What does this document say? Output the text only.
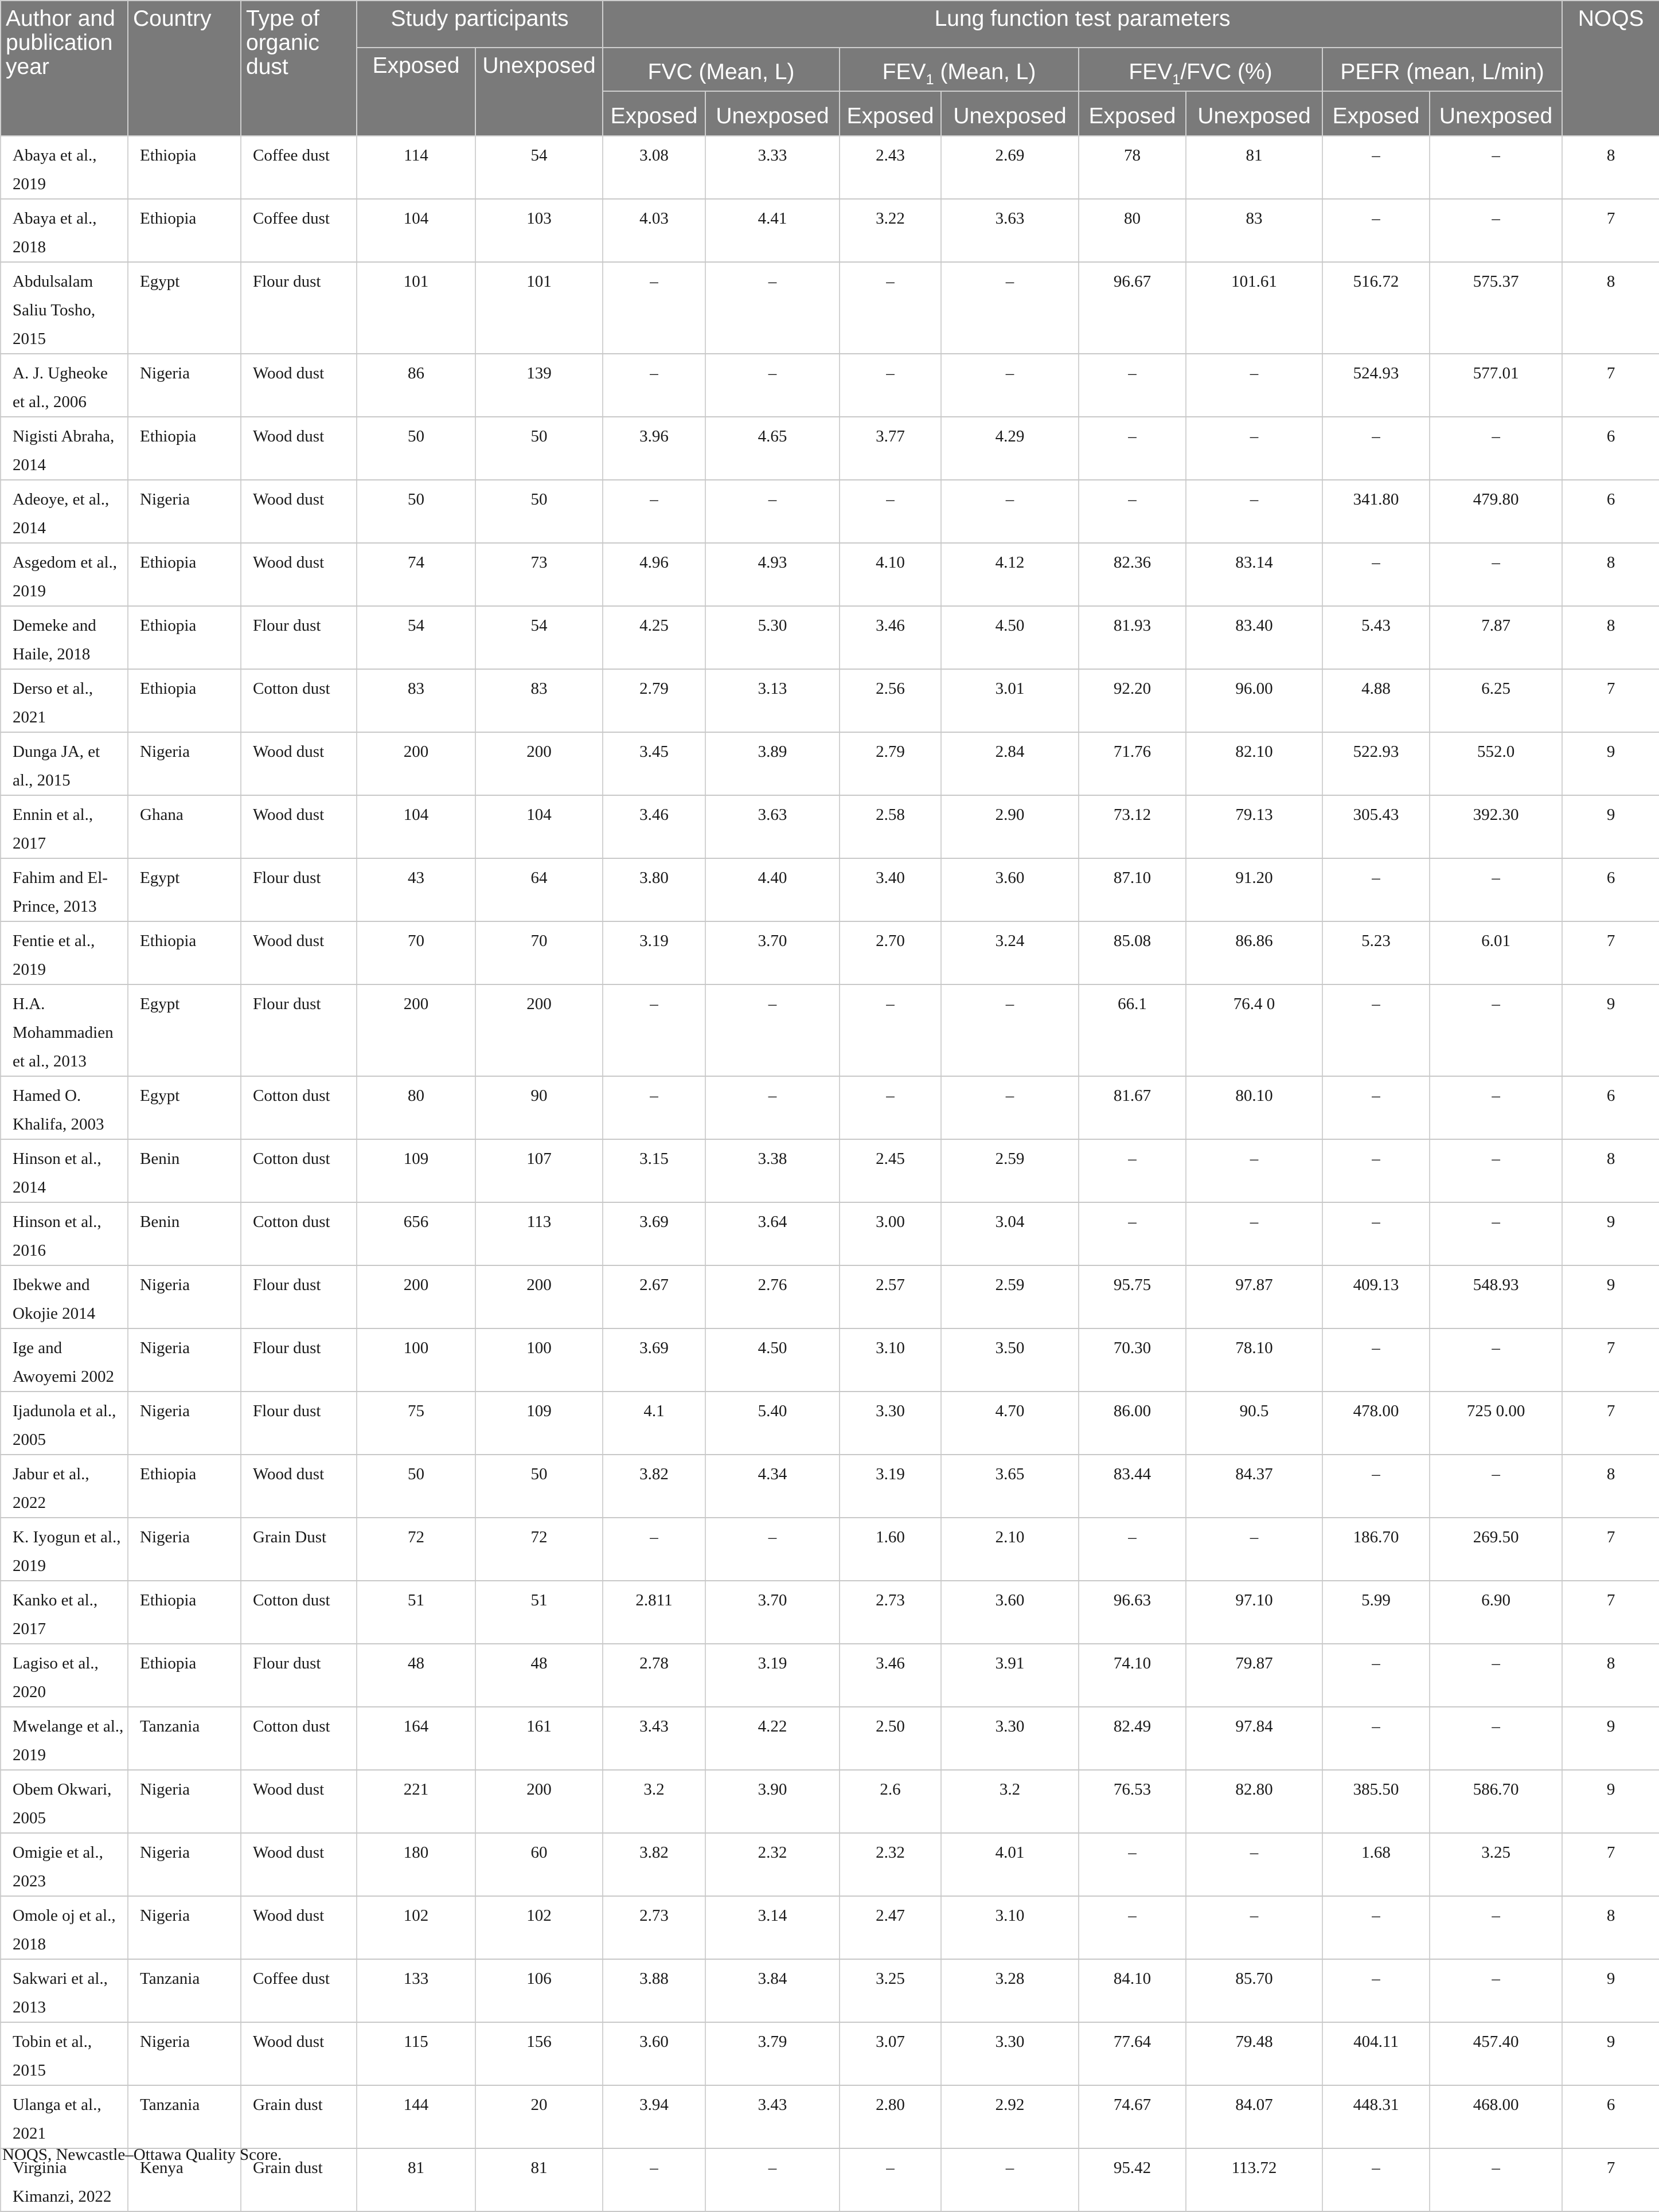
Author and publication year	Country	Type of organic dust	Study participants		Lung function test parameters								NOQS
			Exposed	Unexposed	FVC (Mean, L)		$FEV_1$ (Mean, L)		$FEV_1$/FVC (%)		PEFR (mean, L/min)		
					Exposed	Unexposed	Exposed	Unexposed	Exposed	Unexposed	Exposed	Unexposed	
Abaya et al., 2019	Ethiopia	Coffee dust	114	54	3.08	3.33	2.43	2.69	78	81	–	–	8
Abaya et al., 2018	Ethiopia	Coffee dust	104	103	4.03	4.41	3.22	3.63	80	83	–	–	7
Abdulsalam Saliu Tosho, 2015	Egypt	Flour dust	101	101	–	–	–	–	96.67	101.61	516.72	575.37	8
A. J. Ugheoke et al., 2006	Nigeria	Wood dust	86	139	–	–	–	–	–	–	524.93	577.01	7
Nigisti Abraha, 2014	Ethiopia	Wood dust	50	50	3.96	4.65	3.77	4.29	–	–	–	–	6
Adeoye, et al., 2014	Nigeria	Wood dust	50	50	–	–	–	–	–	–	341.80	479.80	6
Asgedom et al., 2019	Ethiopia	Wood dust	74	73	4.96	4.93	4.10	4.12	82.36	83.14	–	–	8
Demeke and Haile, 2018	Ethiopia	Flour dust	54	54	4.25	5.30	3.46	4.50	81.93	83.40	5.43	7.87	8
Derso et al., 2021	Ethiopia	Cotton dust	83	83	2.79	3.13	2.56	3.01	92.20	96.00	4.88	6.25	7
Dunga JA, et al., 2015	Nigeria	Wood dust	200	200	3.45	3.89	2.79	2.84	71.76	82.10	522.93	552.0	9
Ennin et al., 2017	Ghana	Wood dust	104	104	3.46	3.63	2.58	2.90	73.12	79.13	305.43	392.30	9
Fahim and El-Prince, 2013	Egypt	Flour dust	43	64	3.80	4.40	3.40	3.60	87.10	91.20	–	–	6
Fentie et al., 2019	Ethiopia	Wood dust	70	70	3.19	3.70	2.70	3.24	85.08	86.86	5.23	6.01	7
H.A. Mohammadien et al., 2013	Egypt	Flour dust	200	200	–	–	–	–	66.1	76.4 0	–	–	9
Hamed O. Khalifa, 2003	Egypt	Cotton dust	80	90	–	–	–	–	81.67	80.10	–	–	6
Hinson et al., 2014	Benin	Cotton dust	109	107	3.15	3.38	2.45	2.59	–	–	–	–	8
Hinson et al., 2016	Benin	Cotton dust	656	113	3.69	3.64	3.00	3.04	–	–	–	–	9
Ibekwe and Okojie 2014	Nigeria	Flour dust	200	200	2.67	2.76	2.57	2.59	95.75	97.87	409.13	548.93	9
Ige and Awoyemi 2002	Nigeria	Flour dust	100	100	3.69	4.50	3.10	3.50	70.30	78.10	–	–	7
Ijadunola et al., 2005	Nigeria	Flour dust	75	109	4.1	5.40	3.30	4.70	86.00	90.5	478.00	725 0.00	7
Jabur et al., 2022	Ethiopia	Wood dust	50	50	3.82	4.34	3.19	3.65	83.44	84.37	–	–	8
K. Iyogun et al., 2019	Nigeria	Grain Dust	72	72	–	–	1.60	2.10	–	–	186.70	269.50	7
Kanko et al., 2017	Ethiopia	Cotton dust	51	51	2.811	3.70	2.73	3.60	96.63	97.10	5.99	6.90	7
Lagiso et al., 2020	Ethiopia	Flour dust	48	48	2.78	3.19	3.46	3.91	74.10	79.87	–	–	8
Mwelange et al., 2019	Tanzania	Cotton dust	164	161	3.43	4.22	2.50	3.30	82.49	97.84	–	–	9
Obem Okwari, 2005	Nigeria	Wood dust	221	200	3.2	3.90	2.6	3.2	76.53	82.80	385.50	586.70	9
Omigie et al., 2023	Nigeria	Wood dust	180	60	3.82	2.32	2.32	4.01	–	–	1.68	3.25	7
Omole oj et al., 2018	Nigeria	Wood dust	102	102	2.73	3.14	2.47	3.10	–	–	–	–	8
Sakwari et al., 2013	Tanzania	Coffee dust	133	106	3.88	3.84	3.25	3.28	84.10	85.70	–	–	9
Tobin et al., 2015	Nigeria	Wood dust	115	156	3.60	3.79	3.07	3.30	77.64	79.48	404.11	457.40	9
Ulanga et al., 2021	Tanzania	Grain dust	144	20	3.94	3.43	2.80	2.92	74.67	84.07	448.31	468.00	6
Virginia Kimanzi, 2022	Kenya	Grain dust	81	81	–	–	–	–	95.42	113.72	–	–	7
NOQS, Newcastle–Ottawa Quality Score.
